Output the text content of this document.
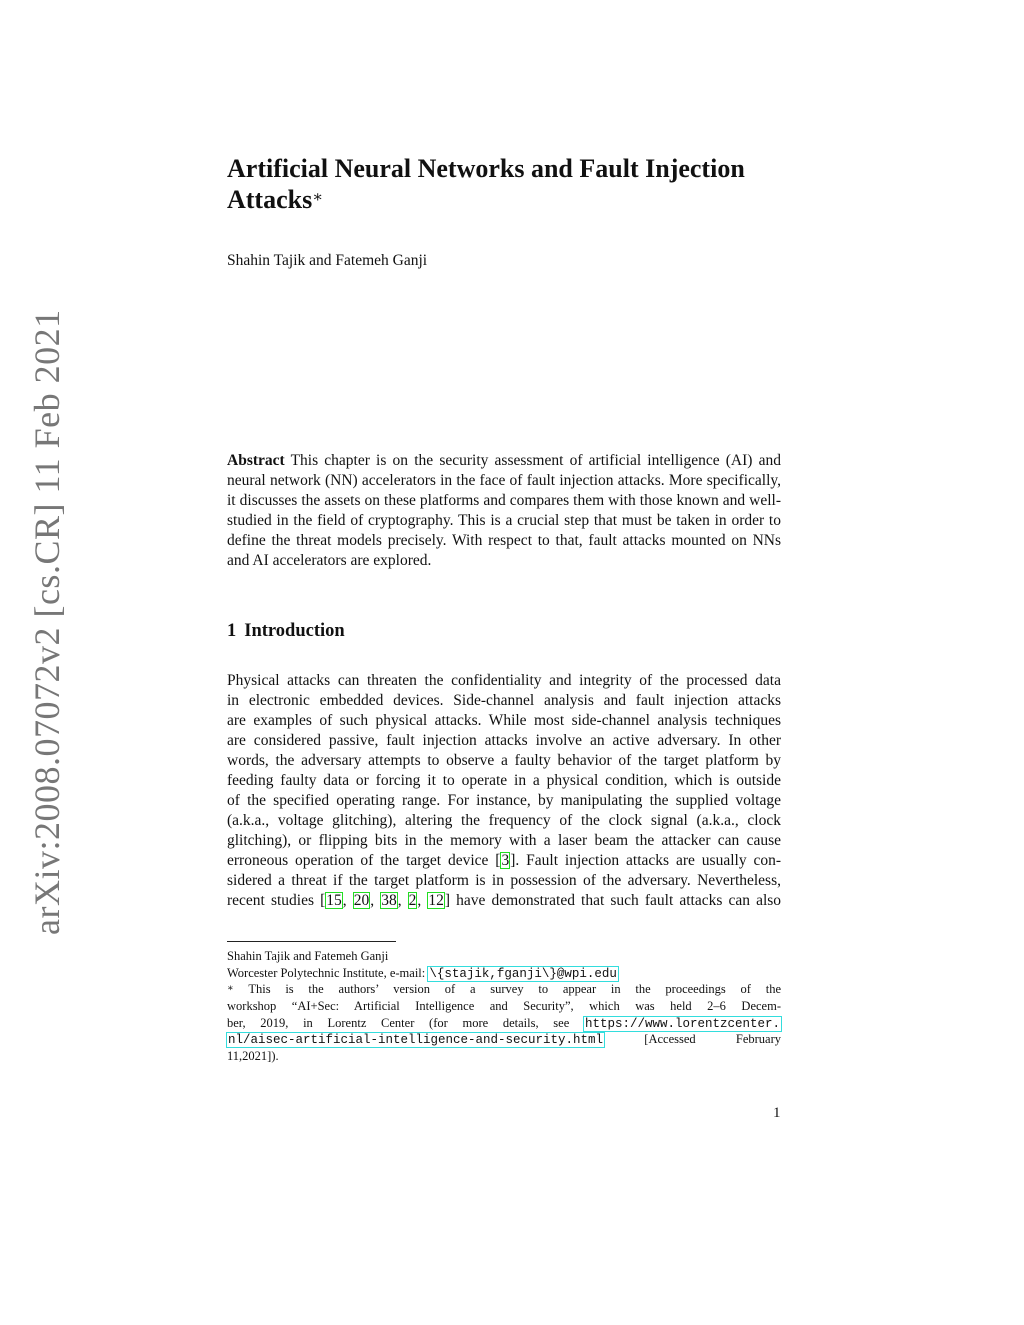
arXiv:2008.07072v2 [cs.CR] 11 Feb 2021
Artificial Neural Networks and Fault Injection
Attacks∗
Shahin Tajik and Fatemeh Ganji

Abstract This chapter is on the security assessment of artificial intelligence (AI) and neural network (NN) accelerators in the face of fault injection attacks. More specifically, it discusses the assets on these platforms and compares them with those known and well-studied in the field of cryptography. This is a crucial step that must be taken in order to define the threat models precisely. With respect to that, fault attacks mounted on NNs and AI accelerators are explored.

1 Introduction

Physical attacks can threaten the confidentiality and integrity of the processed data
in electronic embedded devices. Side-channel analysis and fault injection attacks
are examples of such physical attacks. While most side-channel analysis techniques
are considered passive, fault injection attacks involve an active adversary. In other
words, the adversary attempts to observe a faulty behavior of the target platform by
feeding faulty data or forcing it to operate in a physical condition, which is outside
of the specified operating range. For instance, by manipulating the supplied voltage
(a.k.a., voltage glitching), altering the frequency of the clock signal (a.k.a., clock
glitching), or flipping bits in the memory with a laser beam the attacker can cause
erroneous operation of the target device [3]. Fault injection attacks are usually con-
sidered a threat if the target platform is in possession of the adversary. Nevertheless,
recent studies [15, 20, 38, 2, 12] have demonstrated that such fault attacks can also

Shahin Tajik and Fatemeh Ganji
Worcester Polytechnic Institute, e-mail: \{stajik,fganji\}@wpi.edu
∗ This is the authors’ version of a survey to appear in the proceedings of the
workshop “AI+Sec: Artificial Intelligence and Security”, which was held 2–6 Decem-
ber, 2019, in Lorentz Center (for more details, see https://www.lorentzcenter.
nl/aisec-artificial-intelligence-and-security.html [Accessed February
11,2021]).
1
